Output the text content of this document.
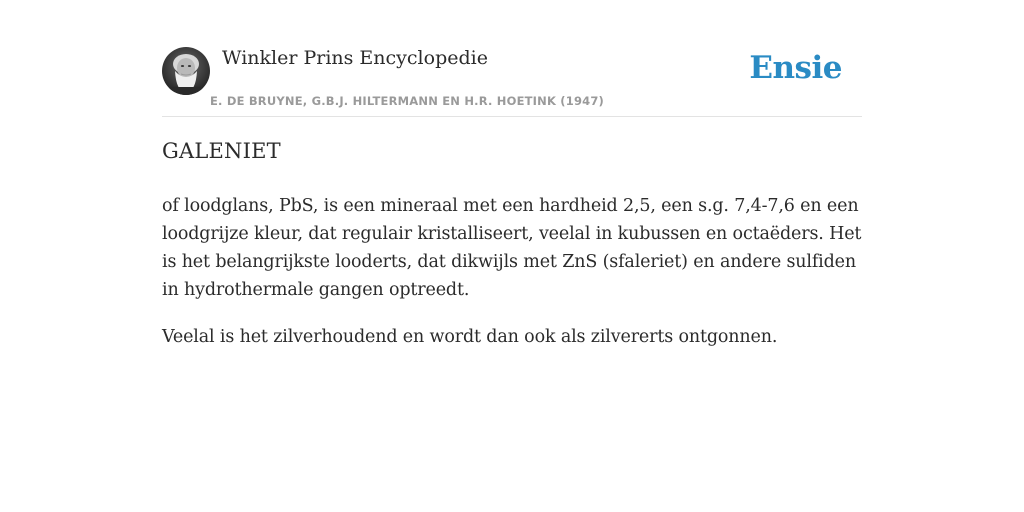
Winkler Prins Encyclopedie
E. DE BRUYNE, G.B.J. HILTERMANN EN H.R. HOETINK (1947)
Ensie
GALENIET

of loodglans, PbS, is een mineraal met een hardheid 2,5, een s.g. 7,4-7,6 en een loodgrijze kleur, dat regulair kristalliseert, veelal in kubussen en octaëders. Het is het belangrijkste looderts, dat dikwijls met ZnS (sfaleriet) en andere sulfiden in hydrothermale gangen optreedt.

Veelal is het zilverhoudend en wordt dan ook als zilvererts ontgonnen.
